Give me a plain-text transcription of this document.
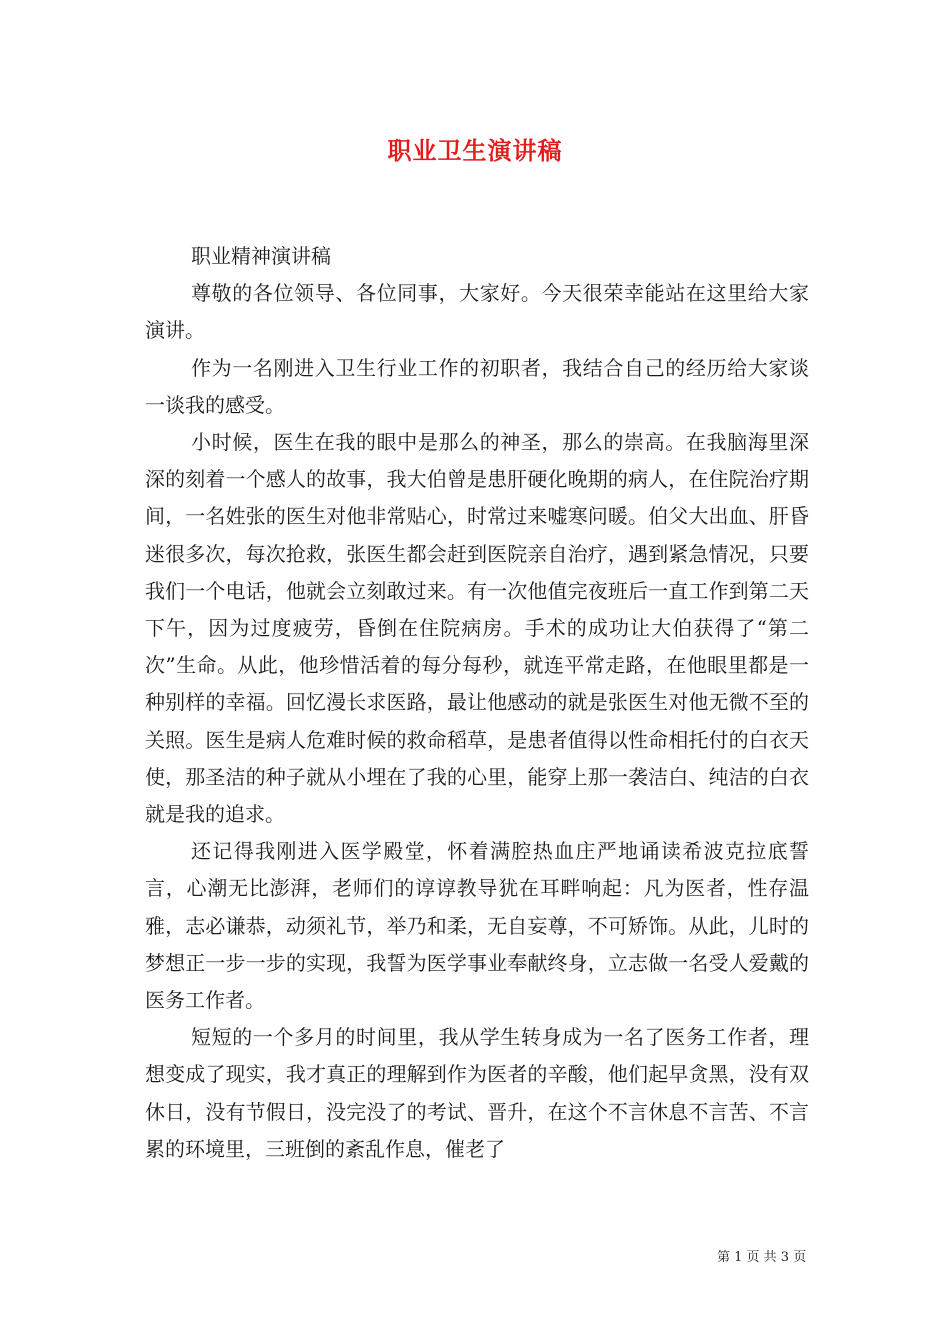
职业卫生演讲稿
职业精神演讲稿

尊敬的各位领导、各位同事，大家好。今天很荣幸能站在这里给大家演讲。

作为一名刚进入卫生行业工作的初职者，我结合自己的经历给大家谈一谈我的感受。

小时候，医生在我的眼中是那么的神圣，那么的崇高。在我脑海里深深的刻着一个感人的故事，我大伯曾是患肝硬化晚期的病人，在住院治疗期间，一名姓张的医生对他非常贴心，时常过来嘘寒问暖。伯父大出血、肝昏迷很多次，每次抢救，张医生都会赶到医院亲自治疗，遇到紧急情况，只要我们一个电话，他就会立刻敢过来。有一次他值完夜班后一直工作到第二天下午，因为过度疲劳，昏倒在住院病房。手术的成功让大伯获得了“第二次”生命。从此，他珍惜活着的每分每秒，就连平常走路，在他眼里都是一种别样的幸福。回忆漫长求医路，最让他感动的就是张医生对他无微不至的关照。医生是病人危难时候的救命稻草，是患者值得以性命相托付的白衣天使，那圣洁的种子就从小埋在了我的心里，能穿上那一袭洁白、纯洁的白衣就是我的追求。

还记得我刚进入医学殿堂，怀着满腔热血庄严地诵读希波克拉底誓言，心潮无比澎湃，老师们的谆谆教导犹在耳畔响起：凡为医者，性存温雅，志必谦恭，动须礼节，举乃和柔，无自妄尊，不可矫饰。从此，儿时的梦想正一步一步的实现，我誓为医学事业奉献终身，立志做一名受人爱戴的医务工作者。

短短的一个多月的时间里，我从学生转身成为一名了医务工作者，理想变成了现实，我才真正的理解到作为医者的辛酸，他们起早贪黑，没有双休日，没有节假日，没完没了的考试、晋升，在这个不言休息不言苦、不言累的环境里，三班倒的紊乱作息，催老了

第 1 页 共 3 页
